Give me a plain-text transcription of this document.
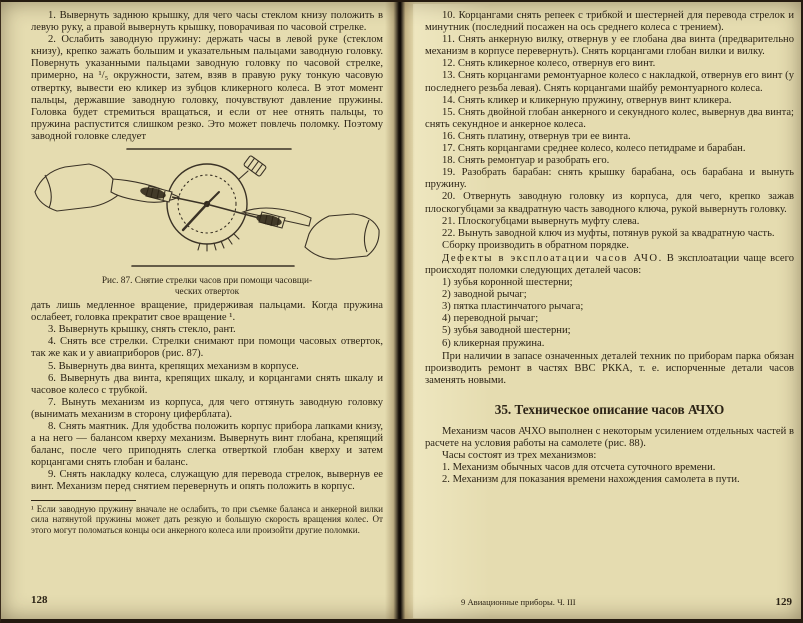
1. Вывернуть заднюю крышку, для чего часы стеклом книзу положить в левую руку, а правой вывернуть крышку, поворачивая по часовой стрелке.

2. Ослабить заводную пружину: держать часы в левой руке (стеклом книзу), крепко зажать большим и указательным пальцами заводную головку. Повернуть указанными пальцами заводную головку по часовой стрелке, примерно, на ¹/₅ окружности, затем, взяв в правую руку тонкую часовую отвертку, вывести ею кликер из зубцов кликерного колеса. В этот момент пальцы, державшие заводную головку, почувствуют давление пружины. Головка будет стремиться вращаться, и если от нее отнять пальцы, то пружина распустится слишком резко. Это может повлечь поломку. Поэтому заводной головке следует

Рис. 87. Снятие стрелки часов при помощи часовщи-
ческих отверток

дать лишь медленное вращение, придерживая пальцами. Когда пружина ослабеет, головка прекратит свое вращение ¹.

3. Вывернуть крышку, снять стекло, рант.

4. Снять все стрелки. Стрелки снимают при помощи часовых отверток, так же как и у авиаприборов (рис. 87).

5. Вывернуть два винта, крепящих механизм в корпусе.

6. Вывернуть два винта, крепящих шкалу, и корцангами снять шкалу и часовое колесо с трубкой.

7. Вынуть механизм из корпуса, для чего оттянуть заводную головку (вынимать механизм в сторону циферблата).

8. Снять маятник. Для удобства положить корпус прибора лапками книзу, а на него — балансом кверху механизм. Вывернуть винт глобана, крепящий баланс, после чего приподнять слегка отверткой глобан кверху и затем корцангами снять глобан и баланс.

9. Снять накладку колеса, служащую для перевода стрелок, вывернув ее винт. Механизм перед снятием перевернуть и опять положить в корпус.

¹ Если заводную пружину вначале не ослабить, то при съемке баланса и анкерной вилки сила натянутой пружины может дать резкую и большую скорость вращения колес. От этого могут поломаться концы оси анкерного колеса или произойти другие поломки.

128

10. Корцангами снять репеек с трибкой и шестерней для перевода стрелок и минутник (последний посажен на ось среднего колеса с трением).

11. Снять анкерную вилку, отвернув у ее глобана два винта (предварительно механизм в корпусе перевернуть). Снять корцангами глобан вилки и вилку.

12. Снять кликерное колесо, отвернув его винт.

13. Снять корцангами ремонтуарное колесо с накладкой, отвернув его винт (у последнего резьба левая). Снять корцангами шайбу ремонтуарного колеса.

14. Снять кликер и кликерную пружину, отвернув винт кликера.

15. Снять двойной глобан анкерного и секундного колес, вывернув два винта; снять секундное и анкерное колеса.

16. Снять платину, отвернув три ее винта.

17. Снять корцангами среднее колесо, колесо петидраме и барабан.

18. Снять ремонтуар и разобрать его.

19. Разобрать барабан: снять крышку барабана, ось барабана и вынуть пружину.

20. Отвернуть заводную головку из корпуса, для чего, крепко зажав плоскогубцами за квадратную часть заводного ключа, рукой вывернуть головку.

21. Плоскогубцами вывернуть муфту слева.

22. Вынуть заводной ключ из муфты, потянув рукой за квадратную часть.

Сборку производить в обратном порядке.

Дефекты в эксплоатации часов АЧО. В эксплоатации чаще всего происходят поломки следующих деталей часов:

1) зубья коронной шестерни;

2) заводной рычаг;

3) пятка пластинчатого рычага;

4) переводной рычаг;

5) зубья заводной шестерни;

6) кликерная пружина.

При наличии в запасе означенных деталей техник по приборам парка обязан производить ремонт в частях ВВС РККА, т. е. испорченные детали часов заменять новыми.

35. Техническое описание часов АЧХО

Механизм часов АЧХО выполнен с некоторым усилением отдельных частей в расчете на условия работы на самолете (рис. 88).

Часы состоят из трех механизмов:

1. Механизм обычных часов для отсчета суточного времени.

2. Механизм для показания времени нахождения самолета в пути.

9 Авиационные приборы. Ч. III	129
